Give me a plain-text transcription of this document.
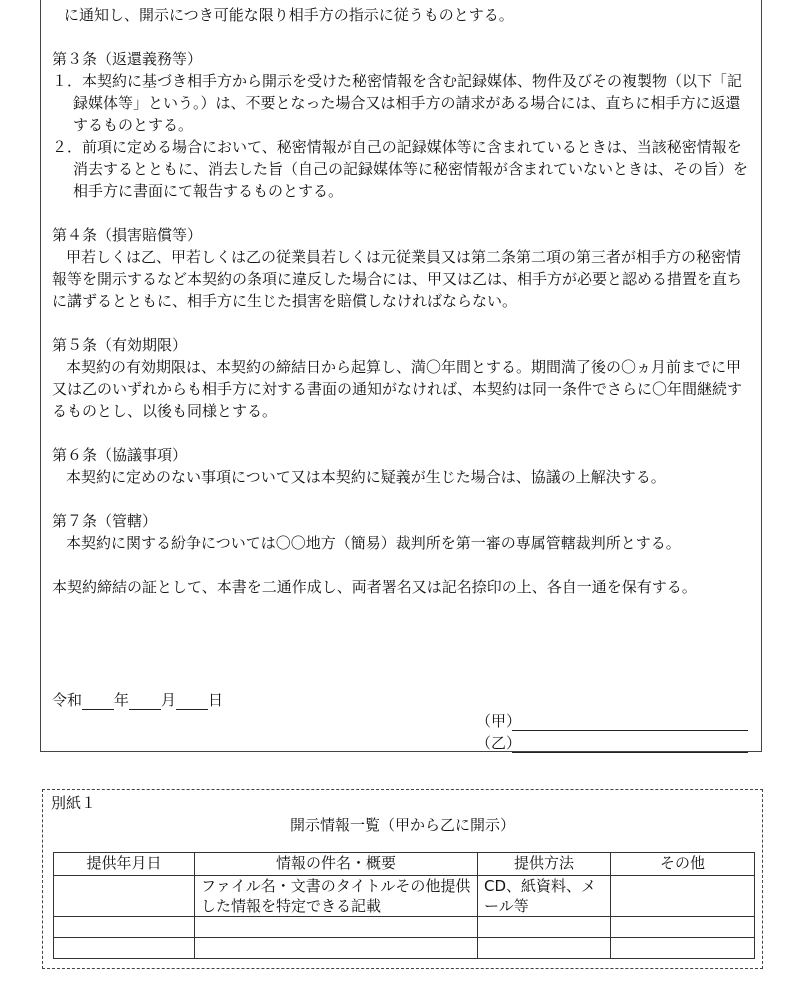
に通知し、開示につき可能な限り相手方の指示に従うものとする。

第３条（返還義務等）

１．本契約に基づき相手方から開示を受けた秘密情報を含む記録媒体、物件及びその複製物（以下「記録媒体等」という。）は、不要となった場合又は相手方の請求がある場合には、直ちに相手方に返還するものとする。

２．前項に定める場合において、秘密情報が自己の記録媒体等に含まれているときは、当該秘密情報を消去するとともに、消去した旨（自己の記録媒体等に秘密情報が含まれていないときは、その旨）を相手方に書面にて報告するものとする。

第４条（損害賠償等）

甲若しくは乙、甲若しくは乙の従業員若しくは元従業員又は第二条第二項の第三者が相手方の秘密情報等を開示するなど本契約の条項に違反した場合には、甲又は乙は、相手方が必要と認める措置を直ちに講ずるとともに、相手方に生じた損害を賠償しなければならない。

第５条（有効期限）

本契約の有効期限は、本契約の締結日から起算し、満〇年間とする。期間満了後の〇ヵ月前までに甲又は乙のいずれからも相手方に対する書面の通知がなければ、本契約は同一条件でさらに〇年間継続するものとし、以後も同様とする。

第６条（協議事項）

本契約に定めのない事項について又は本契約に疑義が生じた場合は、協議の上解決する。

第７条（管轄）

本契約に関する紛争については〇〇地方（簡易）裁判所を第一審の専属管轄裁判所とする。

本契約締結の証として、本書を二通作成し、両者署名又は記名捺印の上、各自一通を保有する。

令和 年 月 日
（甲）
（乙）
別紙１
開示情報一覧（甲から乙に開示）
提供年月日	情報の件名・概要	提供方法	その他
	ファイル名・文書のタイトルその他提供した情報を特定できる記載	CD、紙資料、メール等	
